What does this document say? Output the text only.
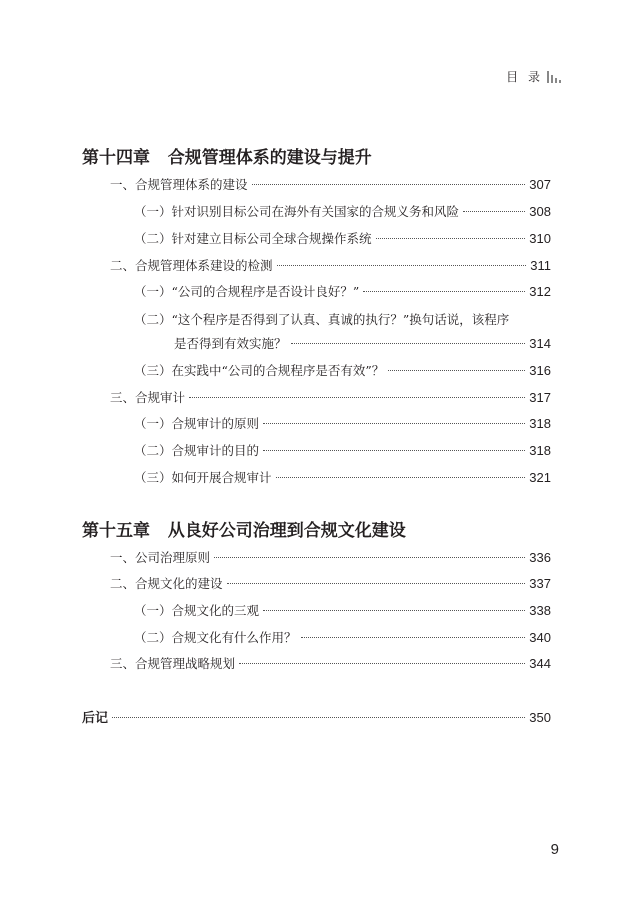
目 录
第十四章   合规管理体系的建设与提升
一、合规管理体系的建设	307
（一）针对识别目标公司在海外有关国家的合规义务和风险	308
（二）针对建立目标公司全球合规操作系统	310
二、合规管理体系建设的检测	311
（一）“公司的合规程序是否设计良好？”	312
（二）“这个程序是否得到了认真、真诚的执行？”换句话说，该程序
是否得到有效实施？	314
（三）在实践中“公司的合规程序是否有效”？	316
三、合规审计	317
（一）合规审计的原则	318
（二）合规审计的目的	318
（三）如何开展合规审计	321
第十五章   从良好公司治理到合规文化建设
一、公司治理原则	336
二、合规文化的建设	337
（一）合规文化的三观	338
（二）合规文化有什么作用？	340
三、合规管理战略规划	344
后记	350
9
